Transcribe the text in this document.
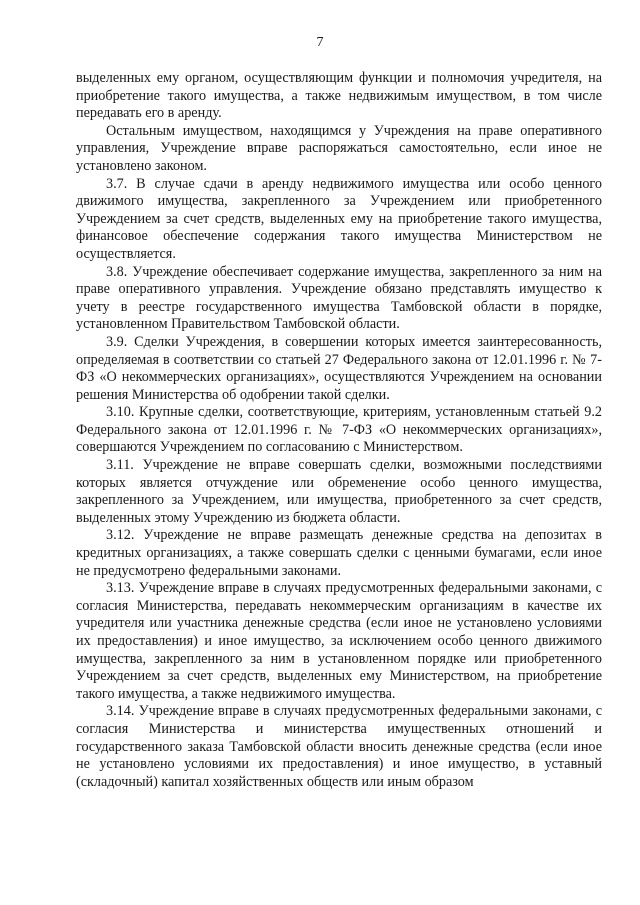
7

выделенных ему органом, осуществляющим функции и полномочия учредителя, на приобретение такого имущества, а также недвижимым имуществом, в том числе передавать его в аренду.

Остальным имуществом, находящимся у Учреждения на праве оперативного управления, Учреждение вправе распоряжаться самостоятельно, если иное не установлено законом.

3.7. В случае сдачи в аренду недвижимого имущества или особо ценного движимого имущества, закрепленного за Учреждением или приобретенного Учреждением за счет средств, выделенных ему на приобретение такого имущества, финансовое обеспечение содержания такого имущества Министерством не осуществляется.

3.8. Учреждение обеспечивает содержание имущества, закрепленного за ним на праве оперативного управления. Учреждение обязано представлять имущество к учету в реестре государственного имущества Тамбовской области в порядке, установленном Правительством Тамбовской области.

3.9. Сделки Учреждения, в совершении которых имеется заинтересованность, определяемая в соответствии со статьей 27 Федерального закона от 12.01.1996 г. № 7-ФЗ «О некоммерческих организациях», осуществляются Учреждением на основании решения Министерства об одобрении такой сделки.

3.10. Крупные сделки, соответствующие, критериям, установленным статьей 9.2 Федерального закона от 12.01.1996 г. № 7-ФЗ «О некоммерческих организациях», совершаются Учреждением по согласованию с Министерством.

3.11. Учреждение не вправе совершать сделки, возможными последствиями которых является отчуждение или обременение особо ценного имущества, закрепленного за Учреждением, или имущества, приобретенного за счет средств, выделенных этому Учреждению из бюджета области.

3.12. Учреждение не вправе размещать денежные средства на депозитах в кредитных организациях, а также совершать сделки с ценными бумагами, если иное не предусмотрено федеральными законами.

3.13. Учреждение вправе в случаях предусмотренных федеральными законами, с согласия Министерства, передавать некоммерческим организациям в качестве их учредителя или участника денежные средства (если иное не установлено условиями их предоставления) и иное имущество, за исключением особо ценного движимого имущества, закрепленного за ним в установленном порядке или приобретенного Учреждением за счет средств, выделенных ему Министерством, на приобретение такого имущества, а также недвижимого имущества.

3.14. Учреждение вправе в случаях предусмотренных федеральными законами, с согласия Министерства и министерства имущественных отношений и государственного заказа Тамбовской области вносить денежные средства (если иное не установлено условиями их предоставления) и иное имущество, в уставный (складочный) капитал хозяйственных обществ или иным образом
